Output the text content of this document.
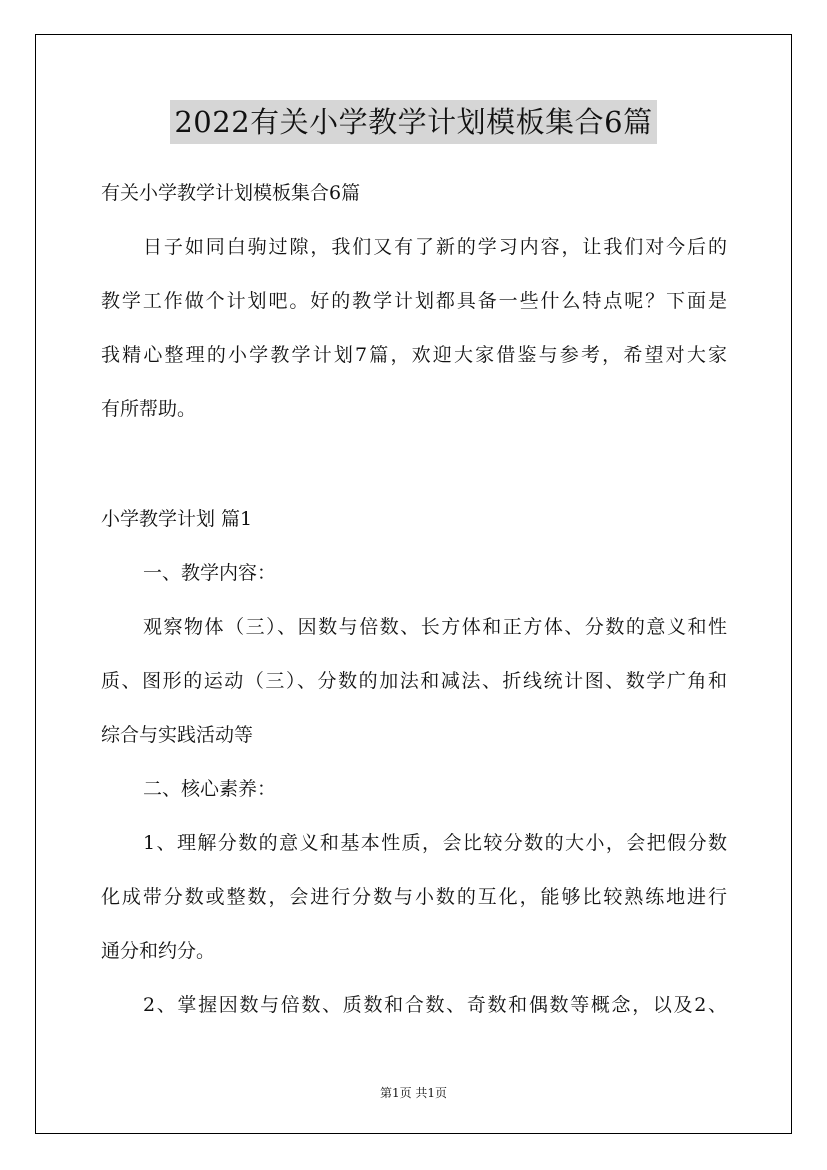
2022有关小学教学计划模板集合6篇
有关小学教学计划模板集合6篇
日子如同白驹过隙，我们又有了新的学习内容，让我们对今后的
教学工作做个计划吧。好的教学计划都具备一些什么特点呢？下面是
我精心整理的小学教学计划7篇，欢迎大家借鉴与参考，希望对大家
有所帮助。
小学教学计划 篇1
一、教学内容：
观察物体（三）、因数与倍数、长方体和正方体、分数的意义和性
质、图形的运动（三）、分数的加法和减法、折线统计图、数学广角和
综合与实践活动等
二、核心素养：
1、理解分数的意义和基本性质，会比较分数的大小，会把假分数
化成带分数或整数，会进行分数与小数的互化，能够比较熟练地进行
通分和约分。
2、掌握因数与倍数、质数和合数、奇数和偶数等概念，以及2、
第1页 共1页
